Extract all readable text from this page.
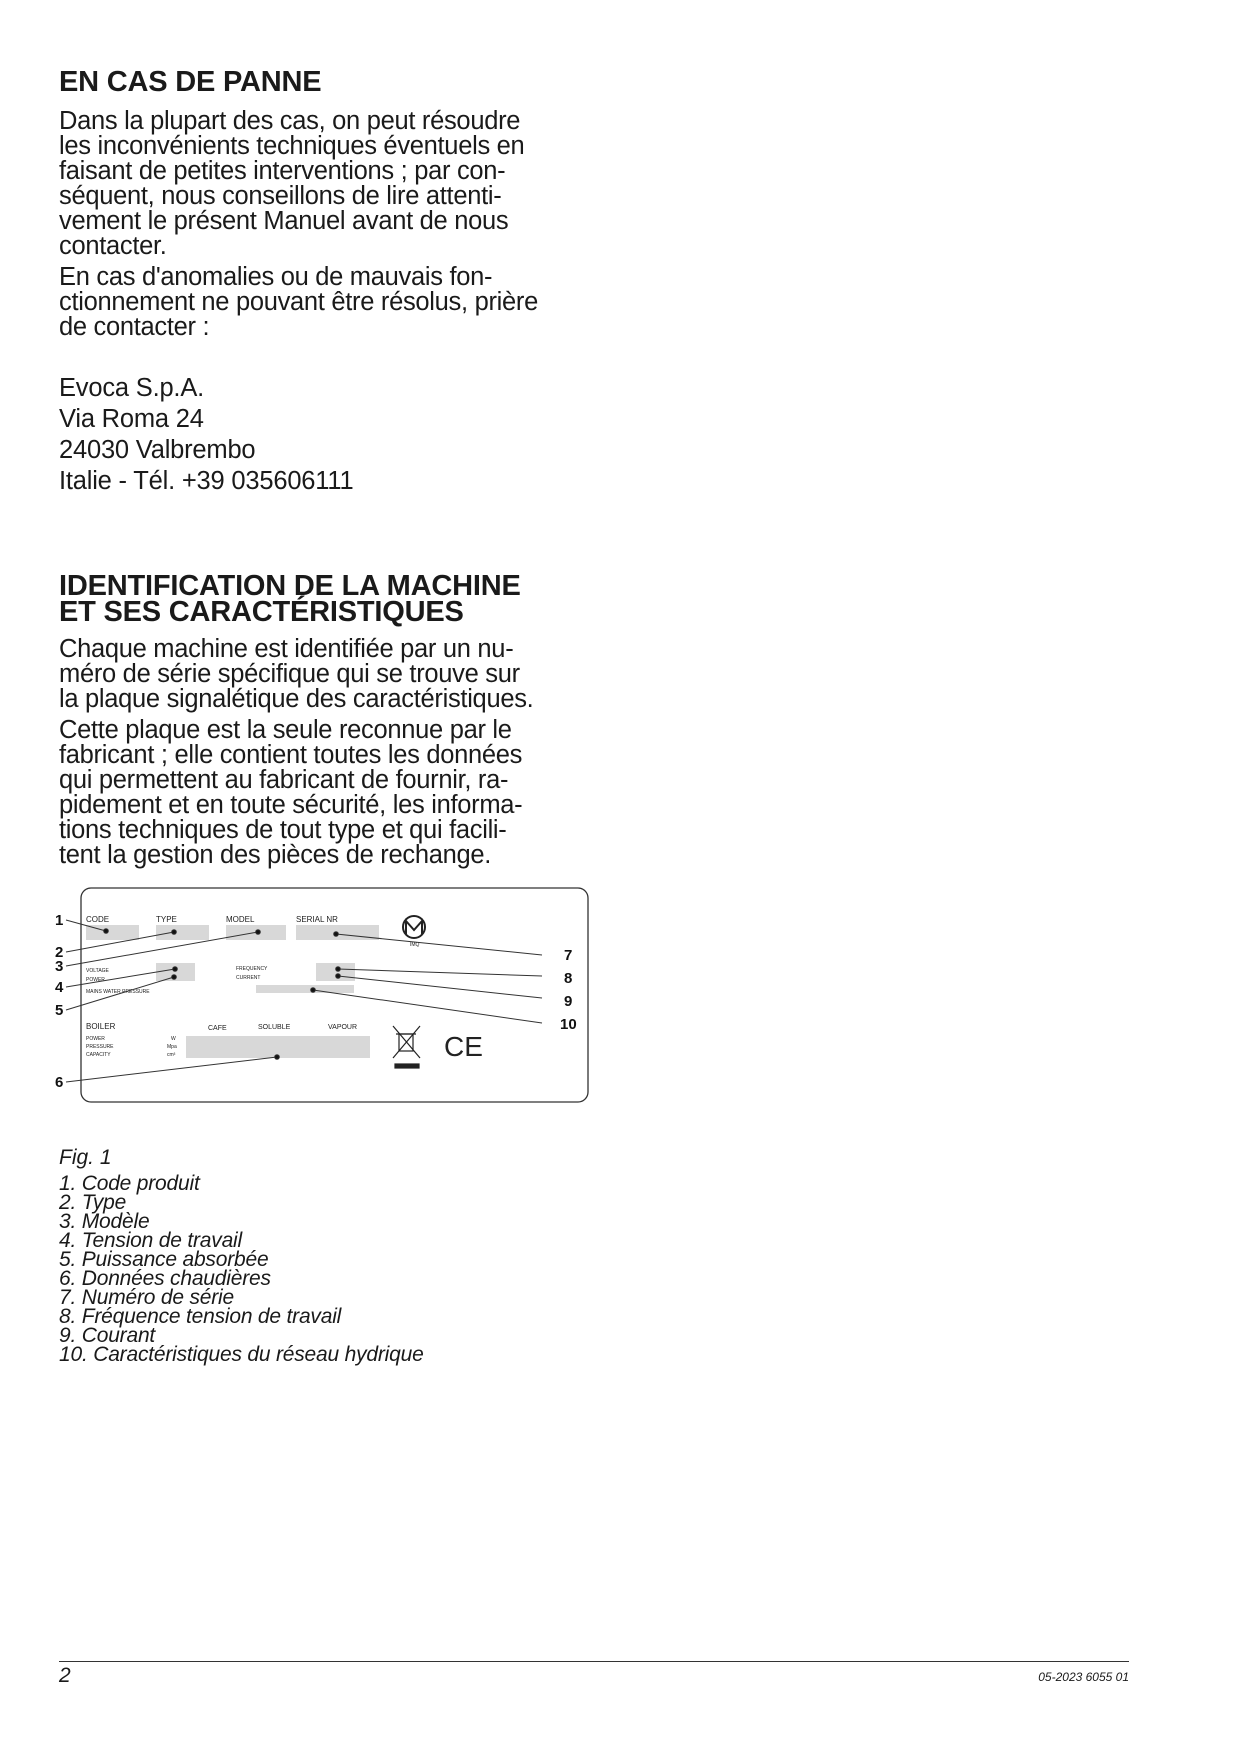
EN CAS DE PANNE

Dans la plupart des cas, on peut résoudre
les inconvénients techniques éventuels en
faisant de petites interventions ; par con-
séquent, nous conseillons de lire attenti-
vement le présent Manuel avant de nous
contacter.

En cas d'anomalies ou de mauvais fon-
ctionnement ne pouvant être résolus, prière
de contacter :

Evoca S.p.A.
Via Roma 24
24030 Valbrembo
Italie - Tél. +39 035606111

IDENTIFICATION DE LA MACHINE
ET SES CARACTÉRISTIQUES

Chaque machine est identifiée par un nu-
méro de série spécifique qui se trouve sur
la plaque signalétique des caractéristiques.

Cette plaque est la seule reconnue par le
fabricant ; elle contient toutes les données
qui permettent au fabricant de fournir, ra-
pidement et en toute sécurité, les informa-
tions techniques de tout type et qui facili-
tent la gestion des pièces de rechange.

CODE	TYPE	MODEL	SERIAL NR
IMQ
VOLTAGE
POWER
FREQUENCY
CURRENT
MAINS WATER PRESSURE
BOILER
POWER
PRESSURE
CAPACITY
W
Mpa
cm³
CAFE	SOLUBLE	VAPOUR
CE
1
2
3
4
5
6
7
8
9
10

Fig. 1

1. Code produit
2. Type
3. Modèle
4. Tension de travail
5. Puissance absorbée
6. Données chaudières
7. Numéro de série
8. Fréquence tension de travail
9. Courant
10. Caractéristiques du réseau hydrique
2	05-2023 6055 01
